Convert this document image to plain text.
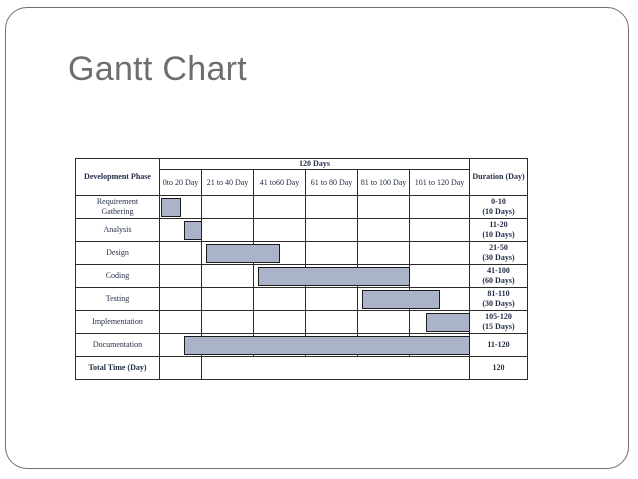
Gantt Chart
Development Phase	120 Days						Duration (Day)
	0to 20 Day	21 to 40 Day	41 to60 Day	61 to 80 Day	81 to 100 Day	101 to 120 Day	
Requirement Gathering							0-10
(10 Days)

Analysis							11-20
(10 Days)

Design							21-50
(30 Days)

Coding							41-100
(60 Days)

Testing							81-110
(30 Days)

Implementation							105-120
(15 Days)

Documentation							11-120

Total Time (Day)							120
